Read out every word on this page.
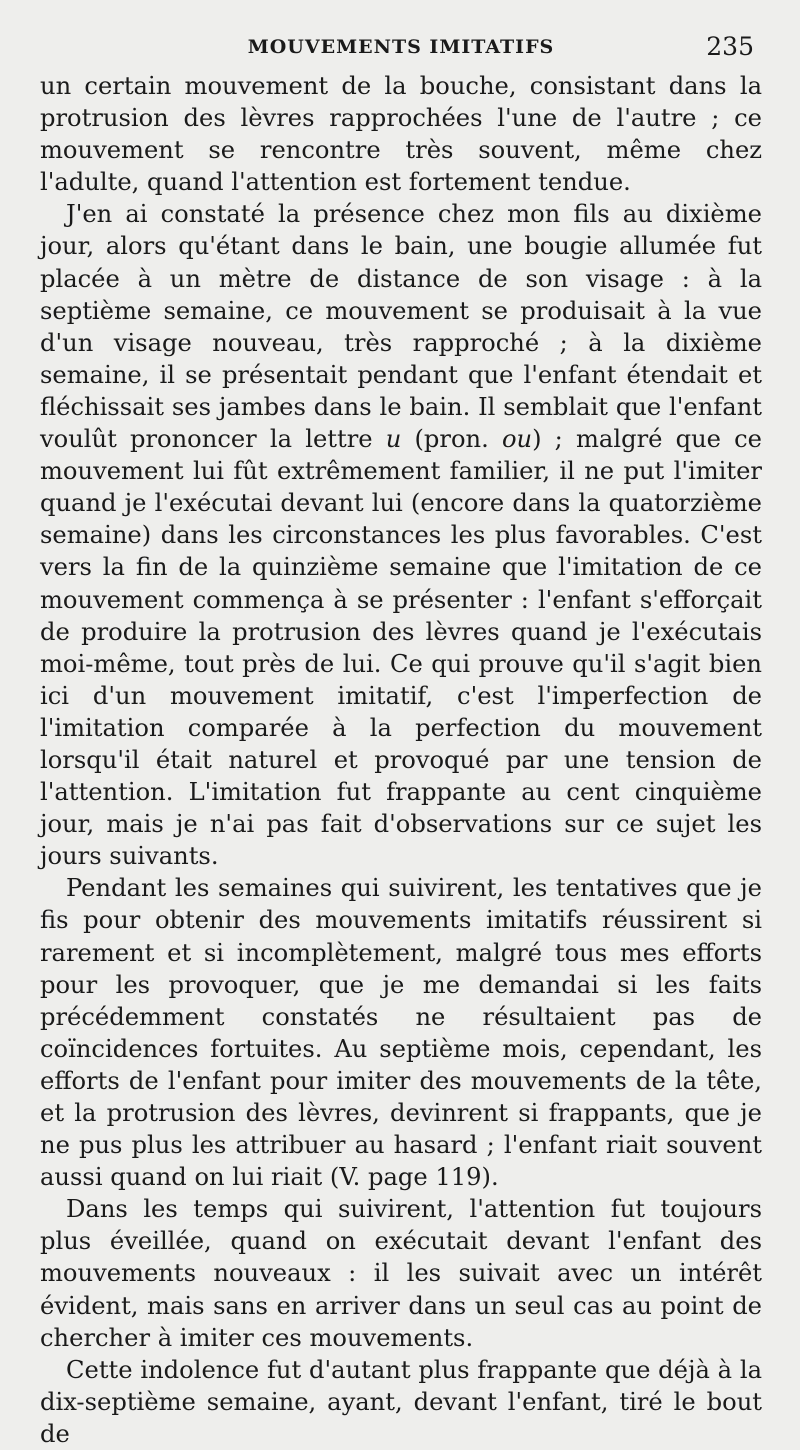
MOUVEMENTS IMITATIFS	235

un certain mouvement de la bouche, consistant dans la protrusion des lèvres rapprochées l'une de l'autre ; ce mouvement se rencontre très souvent, même chez l'adulte, quand l'attention est fortement tendue.

J'en ai constaté la présence chez mon fils au dixième jour, alors qu'étant dans le bain, une bougie allumée fut placée à un mètre de distance de son visage : à la septième semaine, ce mouvement se produisait à la vue d'un visage nouveau, très rapproché ; à la dixième semaine, il se présentait pendant que l'enfant étendait et fléchissait ses jambes dans le bain. Il semblait que l'enfant voulût prononcer la lettre u (pron. ou) ; malgré que ce mouvement lui fût extrêmement familier, il ne put l'imiter quand je l'exécutai devant lui (encore dans la quatorzième semaine) dans les circonstances les plus favorables. C'est vers la fin de la quinzième semaine que l'imitation de ce mouvement commença à se présenter : l'enfant s'efforçait de produire la protrusion des lèvres quand je l'exécutais moi-même, tout près de lui. Ce qui prouve qu'il s'agit bien ici d'un mouvement imitatif, c'est l'imperfection de l'imitation comparée à la perfection du mouvement lorsqu'il était naturel et provoqué par une tension de l'attention. L'imitation fut frappante au cent cinquième jour, mais je n'ai pas fait d'observations sur ce sujet les jours suivants.

Pendant les semaines qui suivirent, les tentatives que je fis pour obtenir des mouvements imitatifs réussirent si rarement et si incomplètement, malgré tous mes efforts pour les provoquer, que je me demandai si les faits précédemment constatés ne résultaient pas de coïncidences fortuites. Au septième mois, cependant, les efforts de l'enfant pour imiter des mouvements de la tête, et la protrusion des lèvres, devinrent si frappants, que je ne pus plus les attribuer au hasard ; l'enfant riait souvent aussi quand on lui riait (V. page 119).

Dans les temps qui suivirent, l'attention fut toujours plus éveillée, quand on exécutait devant l'enfant des mouvements nouveaux : il les suivait avec un intérêt évident, mais sans en arriver dans un seul cas au point de chercher à imiter ces mouvements.

Cette indolence fut d'autant plus frappante que déjà à la dix-septième semaine, ayant, devant l'enfant, tiré le bout de
